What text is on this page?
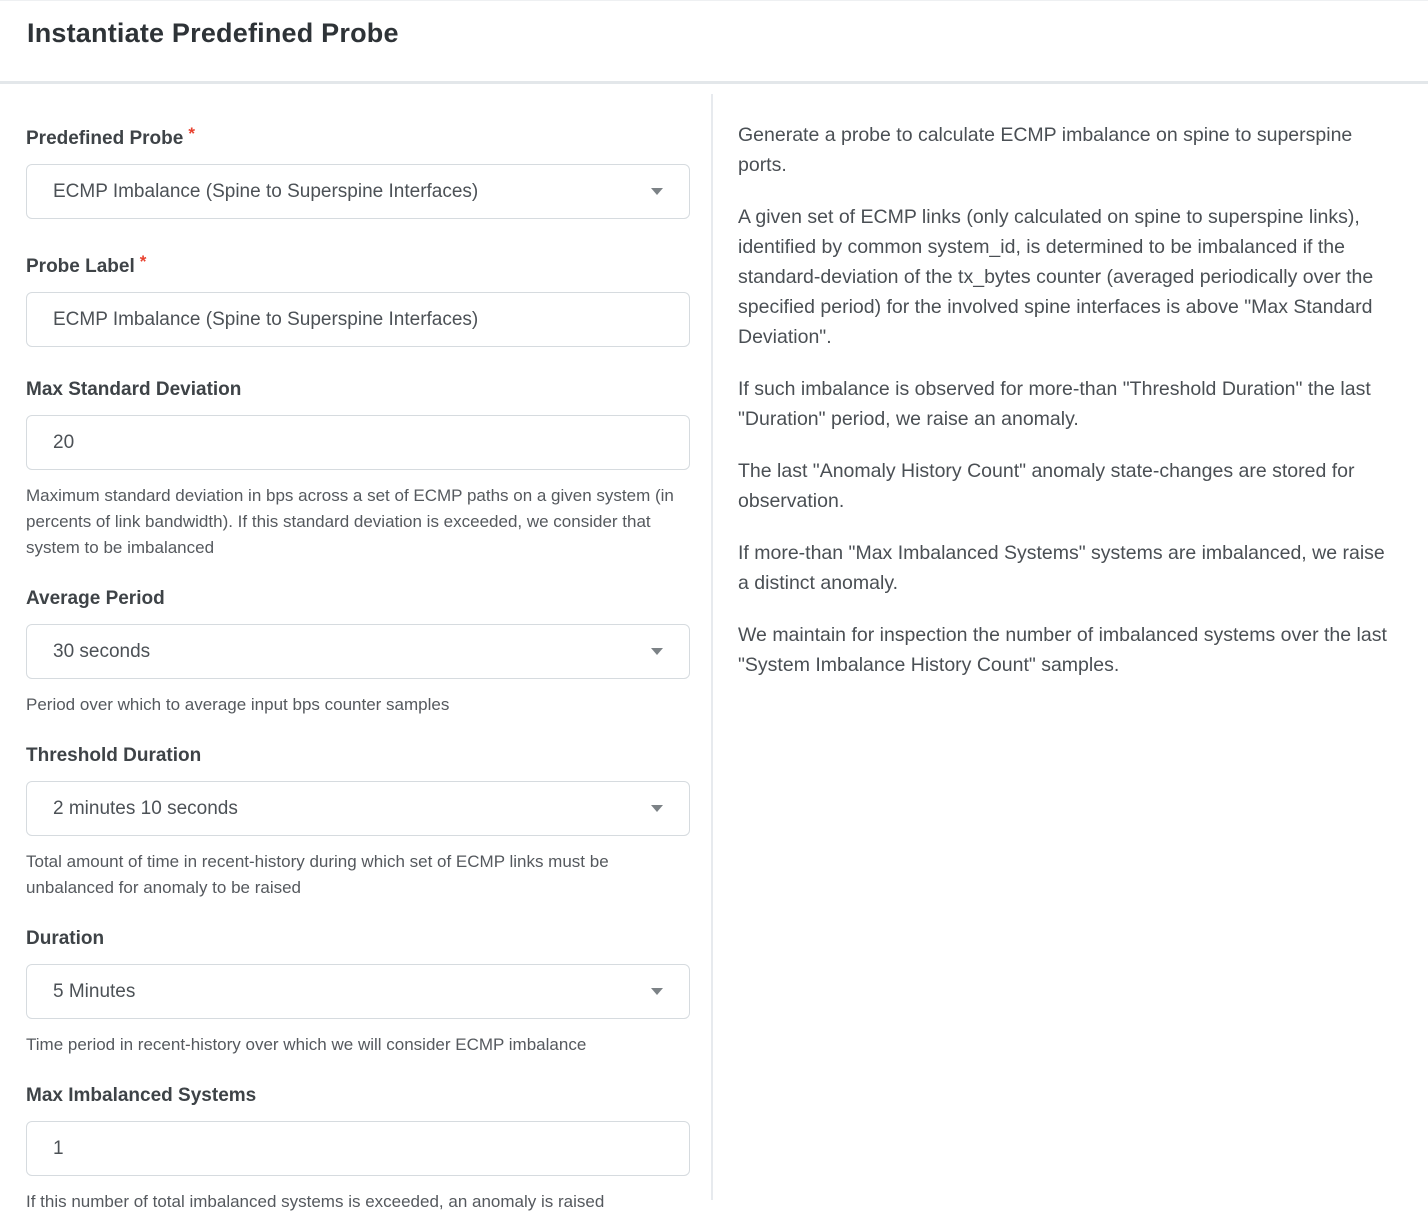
Instantiate Predefined Probe
Predefined Probe *
ECMP Imbalance (Spine to Superspine Interfaces)
Probe Label *
ECMP Imbalance (Spine to Superspine Interfaces)
Max Standard Deviation
20
Maximum standard deviation in bps across a set of ECMP paths on a given system (in percents of link bandwidth). If this standard deviation is exceeded, we consider that system to be imbalanced
Average Period
30 seconds
Period over which to average input bps counter samples
Threshold Duration
2 minutes 10 seconds
Total amount of time in recent-history during which set of ECMP links must be unbalanced for anomaly to be raised
Duration
5 Minutes
Time period in recent-history over which we will consider ECMP imbalance
Max Imbalanced Systems
1
If this number of total imbalanced systems is exceeded, an anomaly is raised

Generate a probe to calculate ECMP imbalance on spine to superspine ports.

A given set of ECMP links (only calculated on spine to superspine links), identified by common system_id, is determined to be imbalanced if the standard-deviation of the tx_bytes counter (averaged periodically over the specified period) for the involved spine interfaces is above "Max Standard Deviation".

If such imbalance is observed for more-than "Threshold Duration" the last "Duration" period, we raise an anomaly.

The last "Anomaly History Count" anomaly state-changes are stored for observation.

If more-than "Max Imbalanced Systems" systems are imbalanced, we raise a distinct anomaly.

We maintain for inspection the number of imbalanced systems over the last "System Imbalance History Count" samples.
